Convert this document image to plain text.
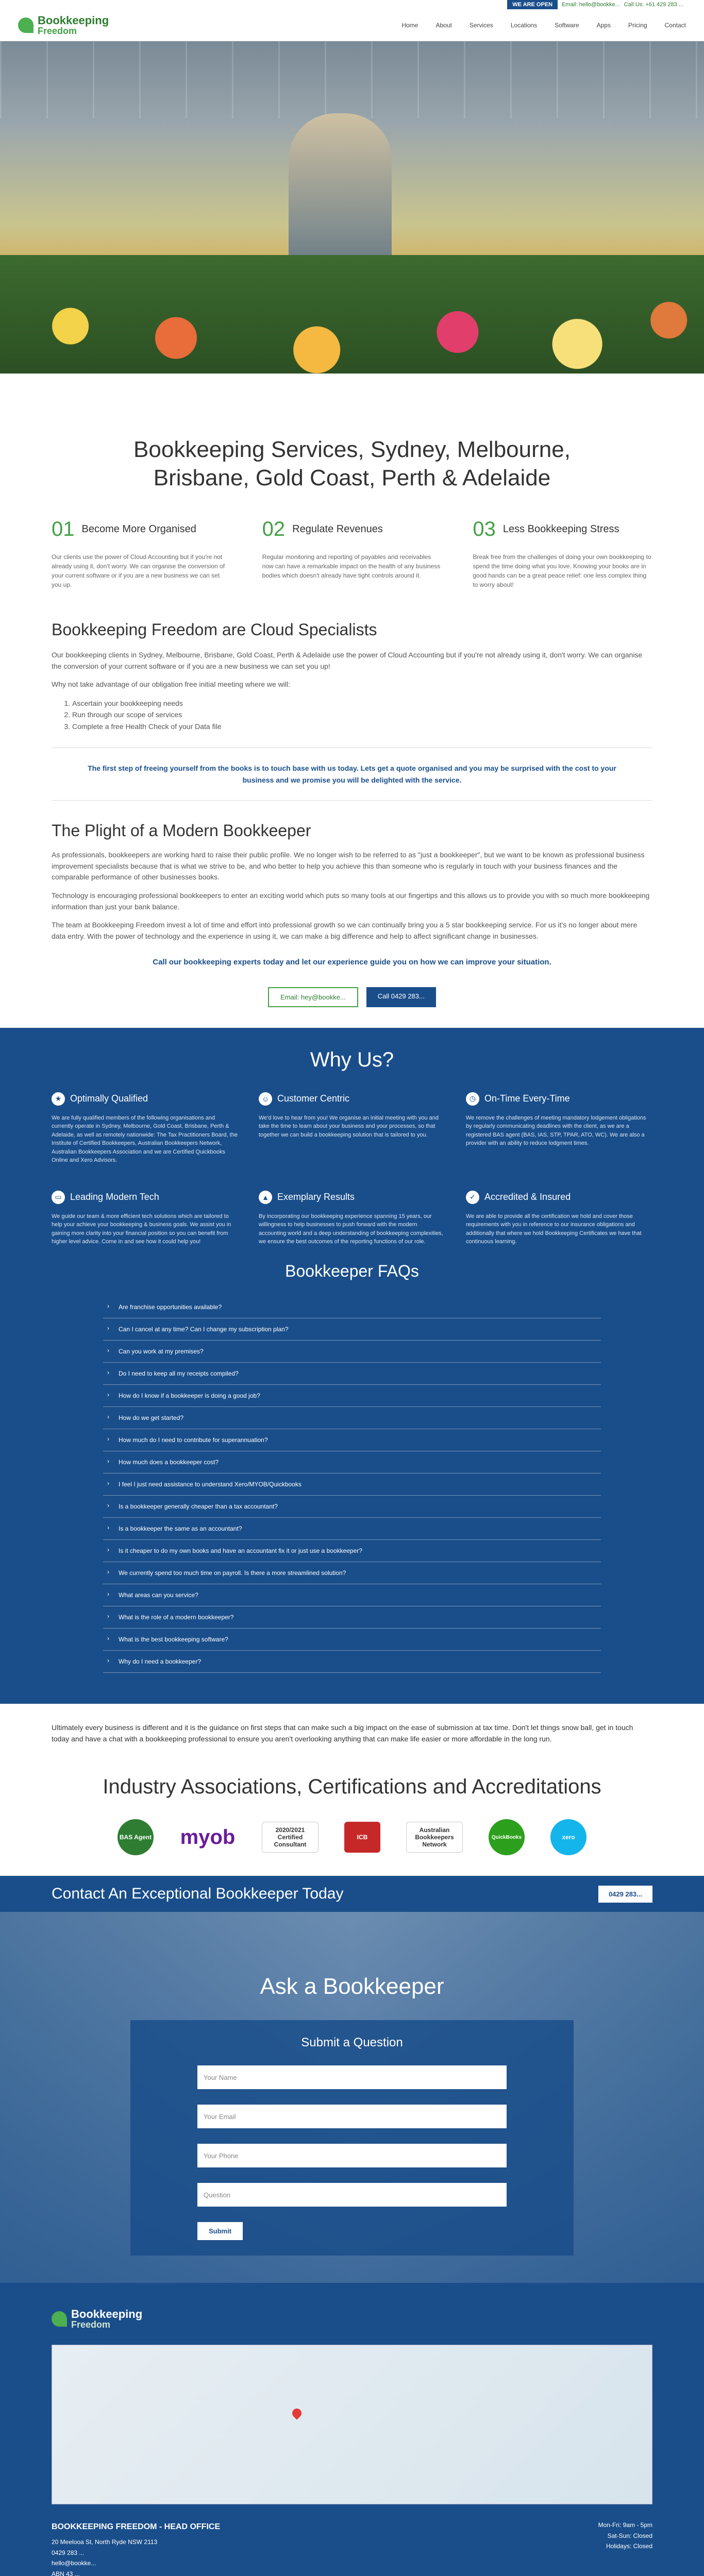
WE ARE OPEN	Email: hello@bookke... Call Us: +61 429 283 ...
Bookkeeping
Freedom
Home	About	Services	Locations	Software	Apps	Pricing	Contact
Bookkeeping Services, Sydney, Melbourne, Brisbane, Gold Coast, Perth & Adelaide
01 Become More Organised

Our clients use the power of Cloud Accounting but if you're not already using it, don't worry. We can organise the conversion of your current software or if you are a new business we can set you up.

02 Regulate Revenues

Regular monitoring and reporting of payables and receivables now can have a remarkable impact on the health of any business bodies which doesn't already have tight controls around it.

03 Less Bookkeeping Stress

Break free from the challenges of doing your own bookkeeping to spend the time doing what you love. Knowing your books are in good hands can be a great peace relief: one less complex thing to worry about!

Bookkeeping Freedom are Cloud Specialists

Our bookkeeping clients in Sydney, Melbourne, Brisbane, Gold Coast, Perth & Adelaide use the power of Cloud Accounting but if you're not already using it, don't worry. We can organise the conversion of your current software or if you are a new business we can set you up!

Why not take advantage of our obligation free initial meeting where we will:

1. Ascertain your bookkeeping needs
2. Run through our scope of services
3. Complete a free Health Check of your Data file
The first step of freeing yourself from the books is to touch base with us today. Lets get a quote organised and you may be surprised with the cost to your business and we promise you will be delighted with the service.
The Plight of a Modern Bookkeeper

As professionals, bookkeepers are working hard to raise their public profile. We no longer wish to be referred to as "just a bookkeeper", but we want to be known as professional business improvement specialists because that is what we strive to be, and who better to help you achieve this than someone who is regularly in touch with your business finances and the comparable performance of other businesses books.

Technology is encouraging professional bookkeepers to enter an exciting world which puts so many tools at our fingertips and this allows us to provide you with so much more bookkeeping information than just your bank balance.

The team at Bookkeeping Freedom invest a lot of time and effort into professional growth so we can continually bring you a 5 star bookkeeping service. For us it's no longer about mere data entry. With the power of technology and the experience in using it, we can make a big difference and help to affect significant change in businesses.

Call our bookkeeping experts today and let our experience guide you on how we can improve your situation.
Email: hey@bookke...	Call 0429 283...
Why Us?
★ Optimally Qualified

We are fully qualified members of the following organisations and currently operate in Sydney, Melbourne, Gold Coast, Brisbane, Perth & Adelaide, as well as remotely nationwide: The Tax Practitioners Board, the Institute of Certified Bookkeepers, Australian Bookkeepers Network, Australian Bookkeepers Association and we are Certified Quickbooks Online and Xero Advisors.

☺ Customer Centric

We'd love to hear from you! We organise an initial meeting with you and take the time to learn about your business and your processes, so that together we can build a bookkeeping solution that is tailored to you.

◷ On-Time Every-Time

We remove the challenges of meeting mandatory lodgement obligations by regularly communicating deadlines with the client, as we are a registered BAS agent (BAS, IAS, STP, TPAR, ATO, WC). We are also a provider with an ability to reduce lodgment times.

▭ Leading Modern Tech

We guide our team & more efficient tech solutions which are tailored to help your achieve your bookkeeping & business goals. We assist you in gaining more clarity into your financial position so you can benefit from higher level advice. Come in and see how it could help you!

▲ Exemplary Results

By incorporating our bookkeeping experience spanning 15 years, our willingness to help businesses to push forward with the modern accounting world and a deep understanding of bookkeeping complexities, we ensure the best outcomes of the reporting functions of our role.

✓ Accredited & Insured

We are able to provide all the certification we hold and cover those requirements with you in reference to our insurance obligations and additionally that where we hold Bookkeeping Certificates we have that continuous learning.

Bookkeeper FAQs
› Are franchise opportunities available?
› Can I cancel at any time? Can I change my subscription plan?
› Can you work at my premises?
› Do I need to keep all my receipts compiled?
› How do I know if a bookkeeper is doing a good job?
› How do we get started?
› How much do I need to contribute for superannuation?
› How much does a bookkeeper cost?
› I feel I just need assistance to understand Xero/MYOB/Quickbooks
› Is a bookkeeper generally cheaper than a tax accountant?
› Is a bookkeeper the same as an accountant?
› Is it cheaper to do my own books and have an accountant fix it or just use a bookkeeper?
› We currently spend too much time on payroll. Is there a more streamlined solution?
› What areas can you service?
› What is the role of a modern bookkeeper?
› What is the best bookkeeping software?
› Why do I need a bookkeeper?

Ultimately every business is different and it is the guidance on first steps that can make such a big impact on the ease of submission at tax time. Don't let things snow ball, get in touch today and have a chat with a bookkeeping professional to ensure you aren't overlooking anything that can make life easier or more affordable in the long run.

Industry Associations, Certifications and Accreditations
BAS Agent myob	2020/2021 Certified Consultant
ICB
Australian Bookkeepers Network
QuickBooks	xero
Contact An Exceptional Bookkeeper Today	0429 283...
Ask a Bookkeeper
Submit a Question
Your Name
Your Email
Your Phone
Question
Submit
Bookkeeping
Freedom
BOOKKEEPING FREEDOM - HEAD OFFICE
20 Meelooa St, North Ryde NSW 2113
0429 283 ...
hello@bookke...
ABN 43 ...
Mon-Fri: 9am - 5pm
Sat-Sun: Closed
Holidays: Closed
